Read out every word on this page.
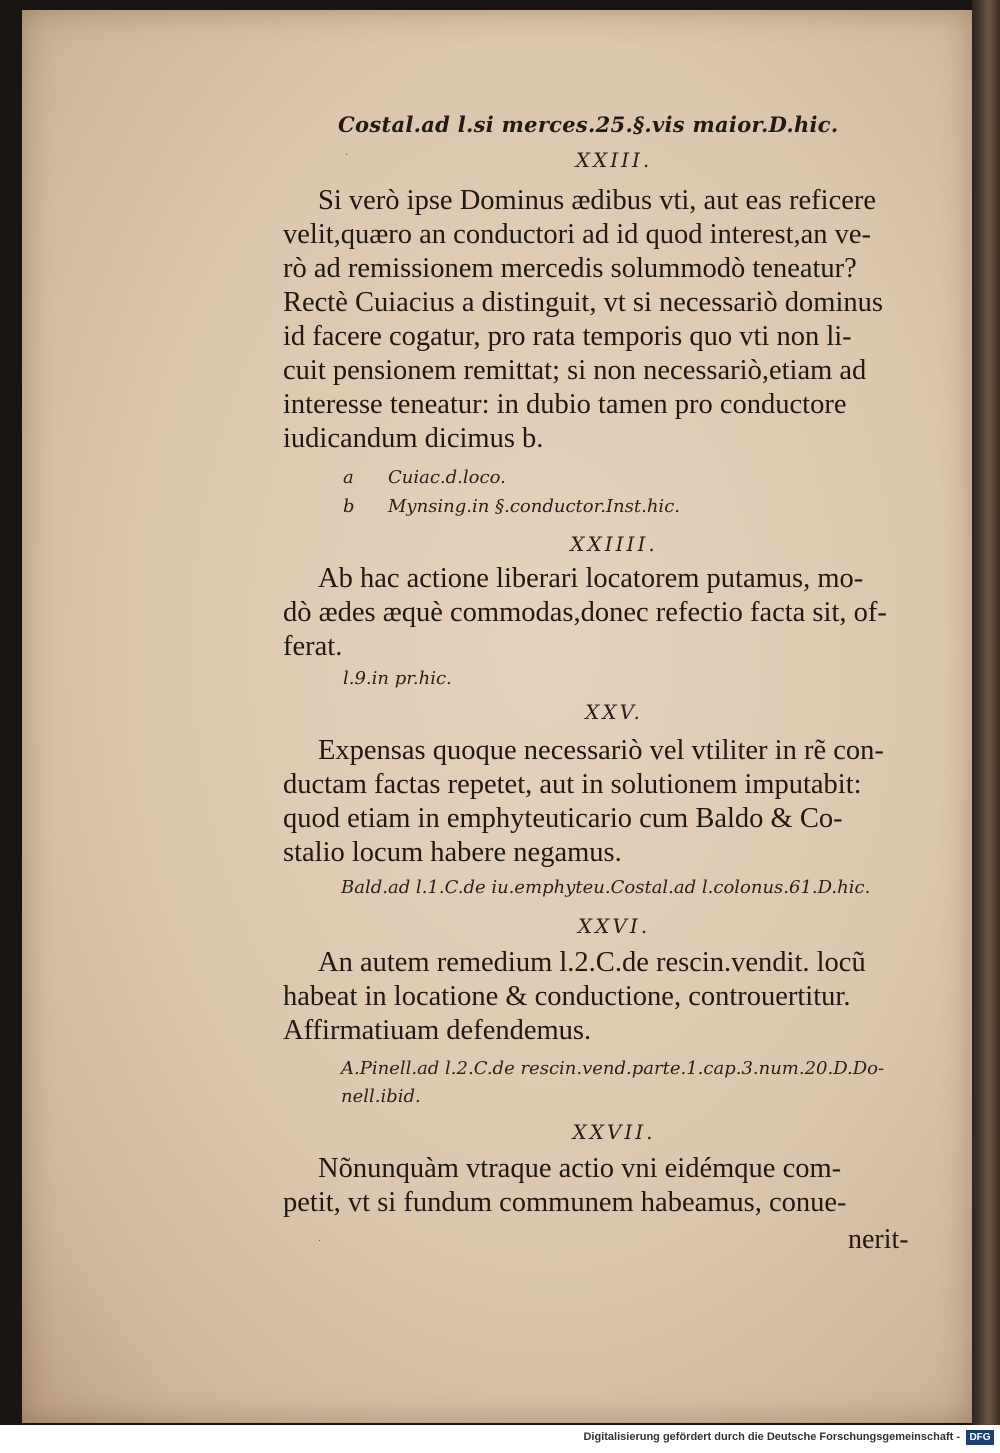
Costal.ad l.si merces.25.§.vis maior.D.hic.
XXIII.
Si verò ipse Dominus ædibus vti, aut eas reficere
velit,quæro an conductori ad id quod interest,an ve-
rò ad remissionem mercedis solummodò teneatur?
Rectè Cuiacius a distinguit, vt si necessariò dominus
id facere cogatur, pro rata temporis quo vti non li-
cuit pensionem remittat; si non necessariò,etiam ad
interesse teneatur: in dubio tamen pro conductore
iudicandum dicimus b.
a Cuiac.d.loco.
b Mynsing.in §.conductor.Inst.hic.
XXIIII.
Ab hac actione liberari locatorem putamus, mo-
dò ædes æquè commodas,donec refectio facta sit, of-
ferat.
l.9.in pr.hic.
XXV.
Expensas quoque necessariò vel vtiliter in rẽ con-
ductam factas repetet, aut in solutionem imputabit:
quod etiam in emphyteuticario cum Baldo & Co-
stalio locum habere negamus.
Bald.ad l.1.C.de iu.emphyteu.Costal.ad l.colonus.61.D.hic.
XXVI.
An autem remedium l.2.C.de rescin.vendit. locũ
habeat in locatione & conductione, controuertitur.
Affirmatiuam defendemus.
A.Pinell.ad l.2.C.de rescin.vend.parte.1.cap.3.num.20.D.Do-
nell.ibid.
XXVII.
Nõnunquàm vtraque actio vni eidémque com-
petit, vt si fundum communem habeamus, conue-
nerit-
·
·
Digitalisierung gefördert durch die Deutsche Forschungsgemeinschaft - DFG
